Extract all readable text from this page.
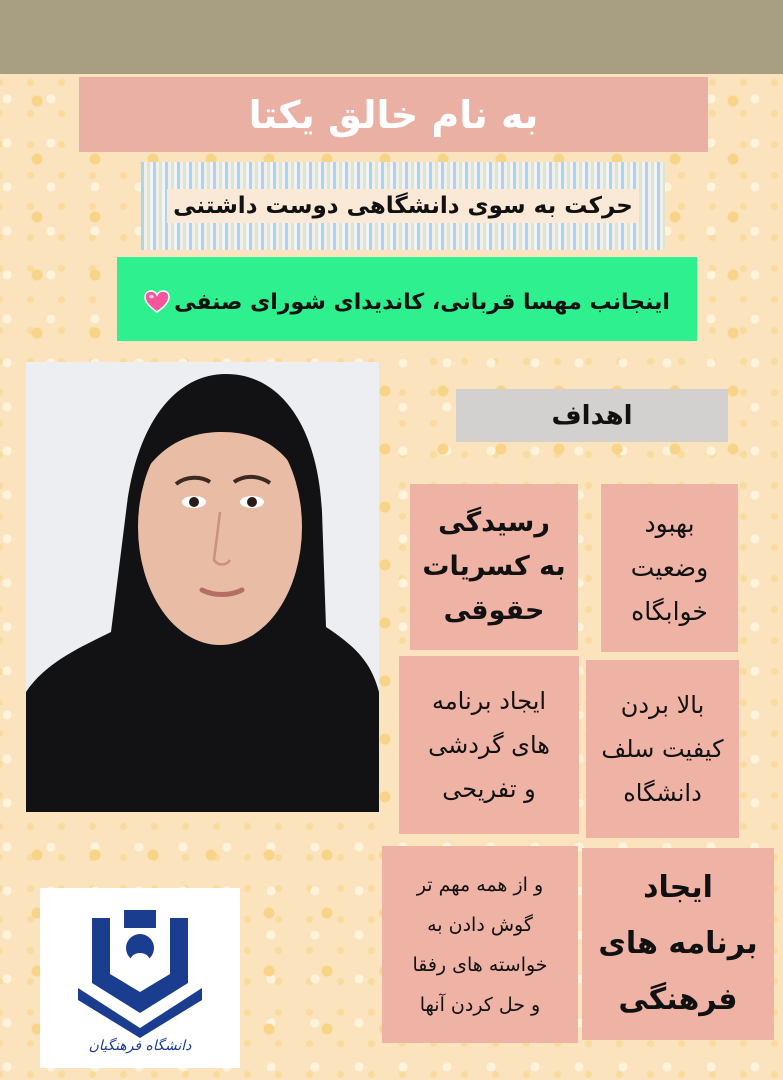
به نام خالق یکتا
حرکت به سوی دانشگاهی دوست داشتنی
اینجانب مهسا قربانی، کاندیدای شورای صنفی
اهداف
بهبود
وضعیت
خوابگاه
رسیدگی
به کسریات
حقوقی
بالا بردن
کیفیت سلف
دانشگاه
ایجاد برنامه
های گردشی
و تفریحی
ایجاد
برنامه های
فرهنگی
و از همه مهم تر
گوش دادن به
خواسته های رفقا
و حل کردن آنها
دانشگاه فرهنگیان
